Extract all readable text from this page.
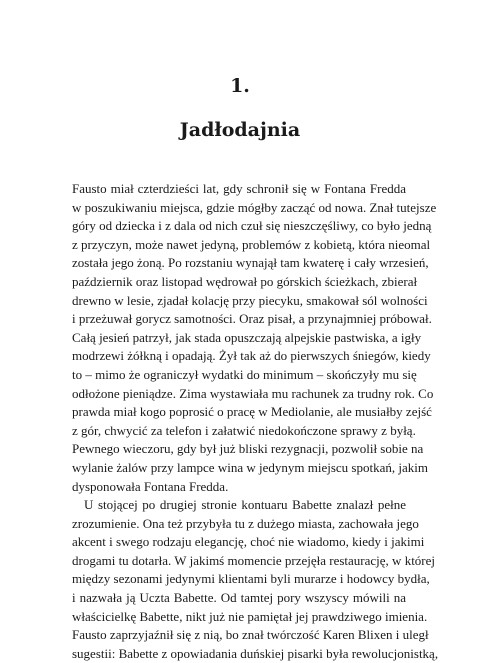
1.
Jadłodajnia

Fausto miał czterdzieści lat, gdy schronił się w Fontana Fredda
w poszukiwaniu miejsca, gdzie mógłby zacząć od nowa. Znał tutejsze
góry od dziecka i z dala od nich czuł się nieszczęśliwy, co było jedną
z przyczyn, może nawet jedyną, problemów z kobietą, która nieomal
została jego żoną. Po rozstaniu wynajął tam kwaterę i cały wrzesień,
październik oraz listopad wędrował po górskich ścieżkach, zbierał
drewno w lesie, zjadał kolację przy piecyku, smakował sól wolności
i przeżuwał gorycz samotności. Oraz pisał, a przynajmniej próbował.
Całą jesień patrzył, jak stada opuszczają alpejskie pastwiska, a igły
modrzewi żółkną i opadają. Żył tak aż do pierwszych śniegów, kiedy
to – mimo że ograniczył wydatki do minimum – skończyły mu się
odłożone pieniądze. Zima wystawiała mu rachunek za trudny rok. Co
prawda miał kogo poprosić o pracę w Mediolanie, ale musiałby zejść
z gór, chwycić za telefon i załatwić niedokończone sprawy z byłą.
Pewnego wieczoru, gdy był już bliski rezygnacji, pozwolił sobie na
wylanie żalów przy lampce wina w jedynym miejscu spotkań, jakim
dysponowała Fontana Fredda.

U stojącej po drugiej stronie kontuaru Babette znalazł pełne
zrozumienie. Ona też przybyła tu z dużego miasta, zachowała jego
akcent i swego rodzaju elegancję, choć nie wiadomo, kiedy i jakimi
drogami tu dotarła. W jakimś momencie przejęła restaurację, w której
między sezonami jedynymi klientami byli murarze i hodowcy bydła,
i nazwała ją Uczta Babette. Od tamtej pory wszyscy mówili na
właścicielkę Babette, nikt już nie pamiętał jej prawdziwego imienia.
Fausto zaprzyjaźnił się z nią, bo znał twórczość Karen Blixen i uległ
sugestii: Babette z opowiadania duńskiej pisarki była rewolucjonistką,
